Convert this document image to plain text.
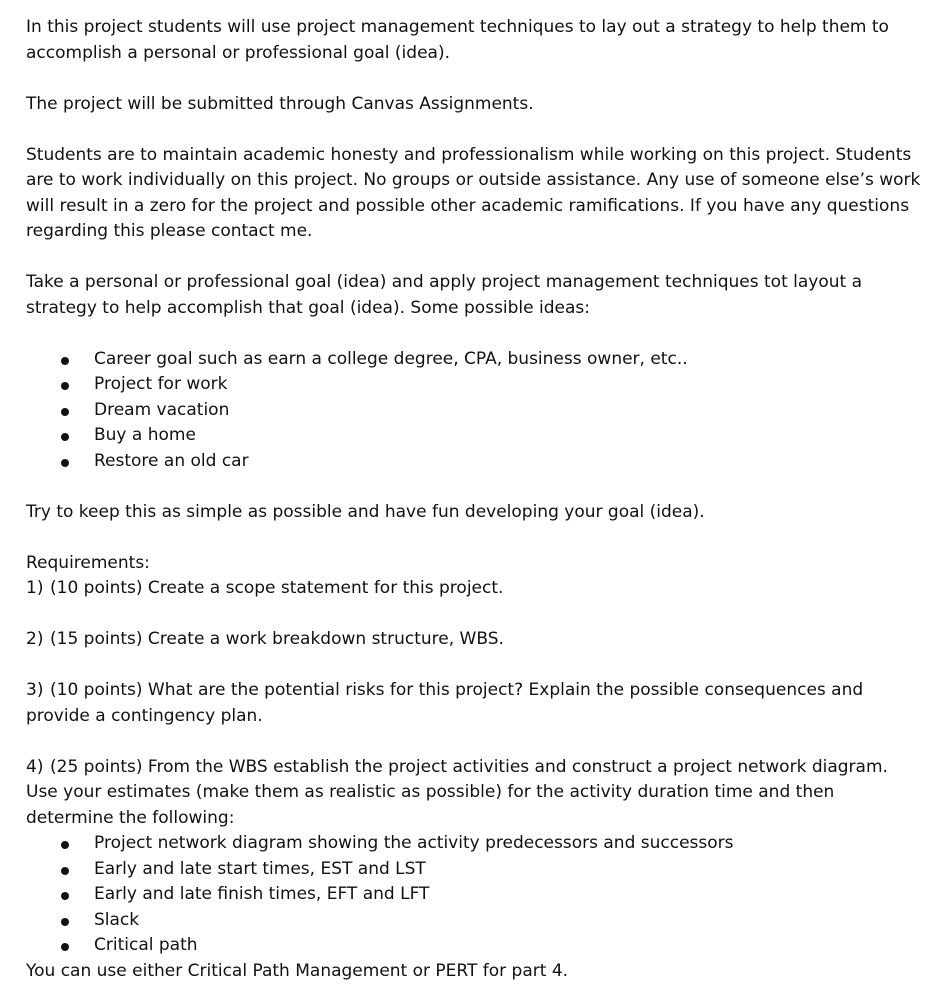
In this project students will use project management techniques to lay out a strategy to help them to
accomplish a personal or professional goal (idea).
The project will be submitted through Canvas Assignments.
Students are to maintain academic honesty and professionalism while working on this project. Students
are to work individually on this project. No groups or outside assistance. Any use of someone else’s work
will result in a zero for the project and possible other academic ramifications. If you have any questions
regarding this please contact me.
Take a personal or professional goal (idea) and apply project management techniques tot layout a
strategy to help accomplish that goal (idea). Some possible ideas:
Career goal such as earn a college degree, CPA, business owner, etc..
Project for work
Dream vacation
Buy a home
Restore an old car
Try to keep this as simple as possible and have fun developing your goal (idea).
Requirements:
1) (10 points) Create a scope statement for this project.
2) (15 points) Create a work breakdown structure, WBS.
3) (10 points) What are the potential risks for this project? Explain the possible consequences and
provide a contingency plan.
4) (25 points) From the WBS establish the project activities and construct a project network diagram.
Use your estimates (make them as realistic as possible) for the activity duration time and then
determine the following:
Project network diagram showing the activity predecessors and successors
Early and late start times, EST and LST
Early and late finish times, EFT and LFT
Slack
Critical path
You can use either Critical Path Management or PERT for part 4.
